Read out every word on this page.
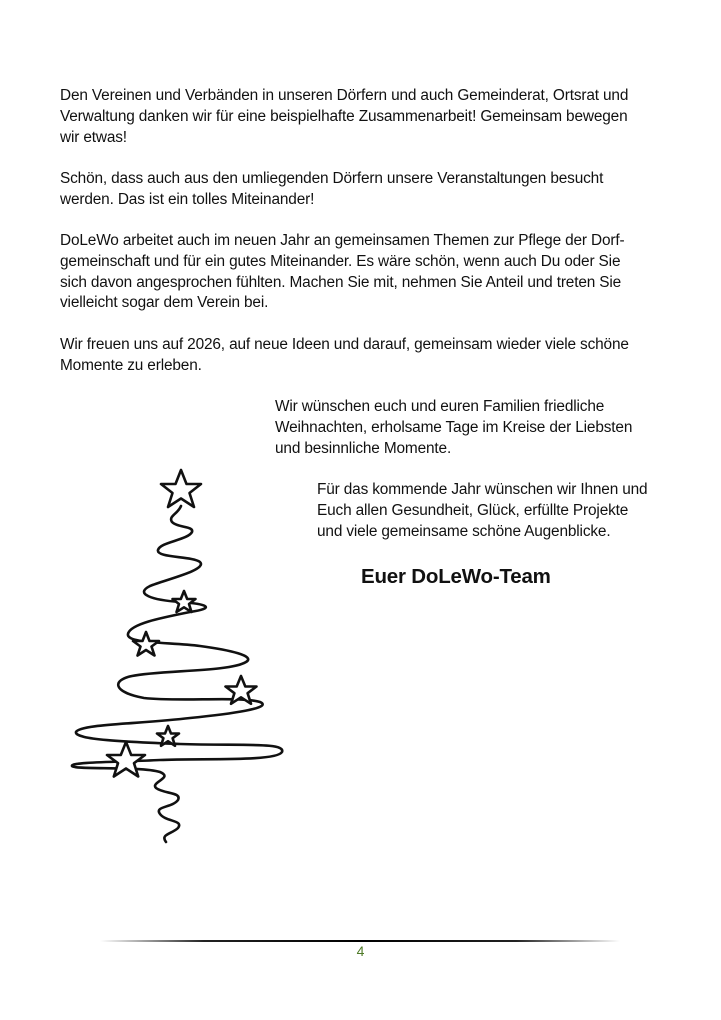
Den Vereinen und Verbänden in unseren Dörfern und auch Gemeinderat, Ortsrat und
Verwaltung danken wir für eine beispielhafte Zusammenarbeit! Gemeinsam bewegen
wir etwas!

Schön, dass auch aus den umliegenden Dörfern unsere Veranstaltungen besucht
werden. Das ist ein tolles Miteinander!

DoLeWo arbeitet auch im neuen Jahr an gemeinsamen Themen zur Pflege der Dorf-
gemeinschaft und für ein gutes Miteinander. Es wäre schön, wenn auch Du oder Sie
sich davon angesprochen fühlten. Machen Sie mit, nehmen Sie Anteil und treten Sie
vielleicht sogar dem Verein bei.

Wir freuen uns auf 2026, auf neue Ideen und darauf, gemeinsam wieder viele schöne
Momente zu erleben.

Wir wünschen euch und euren Familien friedliche
Weihnachten, erholsame Tage im Kreise der Liebsten
und besinnliche Momente.
Für das kommende Jahr wünschen wir Ihnen und
Euch allen Gesundheit, Glück, erfüllte Projekte
und viele gemeinsame schöne Augenblicke.
Euer DoLeWo-Team
4
